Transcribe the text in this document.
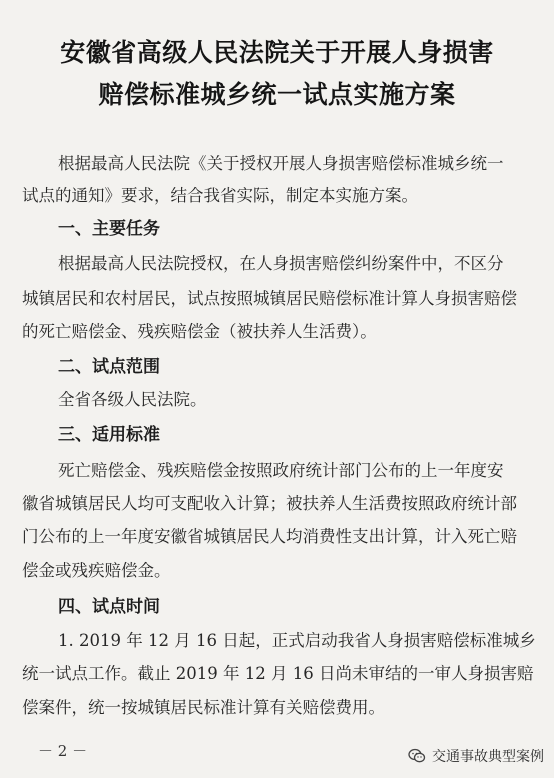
安徽省高级人民法院关于开展人身损害
赔偿标准城乡统一试点实施方案
根据最高人民法院《关于授权开展人身损害赔偿标准城乡统一
试点的通知》要求，结合我省实际，制定本实施方案。
一、主要任务
根据最高人民法院授权，在人身损害赔偿纠纷案件中，不区分
城镇居民和农村居民，试点按照城镇居民赔偿标准计算人身损害赔偿
的死亡赔偿金、残疾赔偿金（被扶养人生活费）。
二、试点范围
全省各级人民法院。
三、适用标准
死亡赔偿金、残疾赔偿金按照政府统计部门公布的上一年度安
徽省城镇居民人均可支配收入计算；被扶养人生活费按照政府统计部
门公布的上一年度安徽省城镇居民人均消费性支出计算，计入死亡赔
偿金或残疾赔偿金。
四、试点时间
1. 2019 年 12 月 16 日起，正式启动我省人身损害赔偿标准城乡
统一试点工作。截止 2019 年 12 月 16 日尚未审结的一审人身损害赔
偿案件，统一按城镇居民标准计算有关赔偿费用。
－ 2 －	交通事故典型案例
